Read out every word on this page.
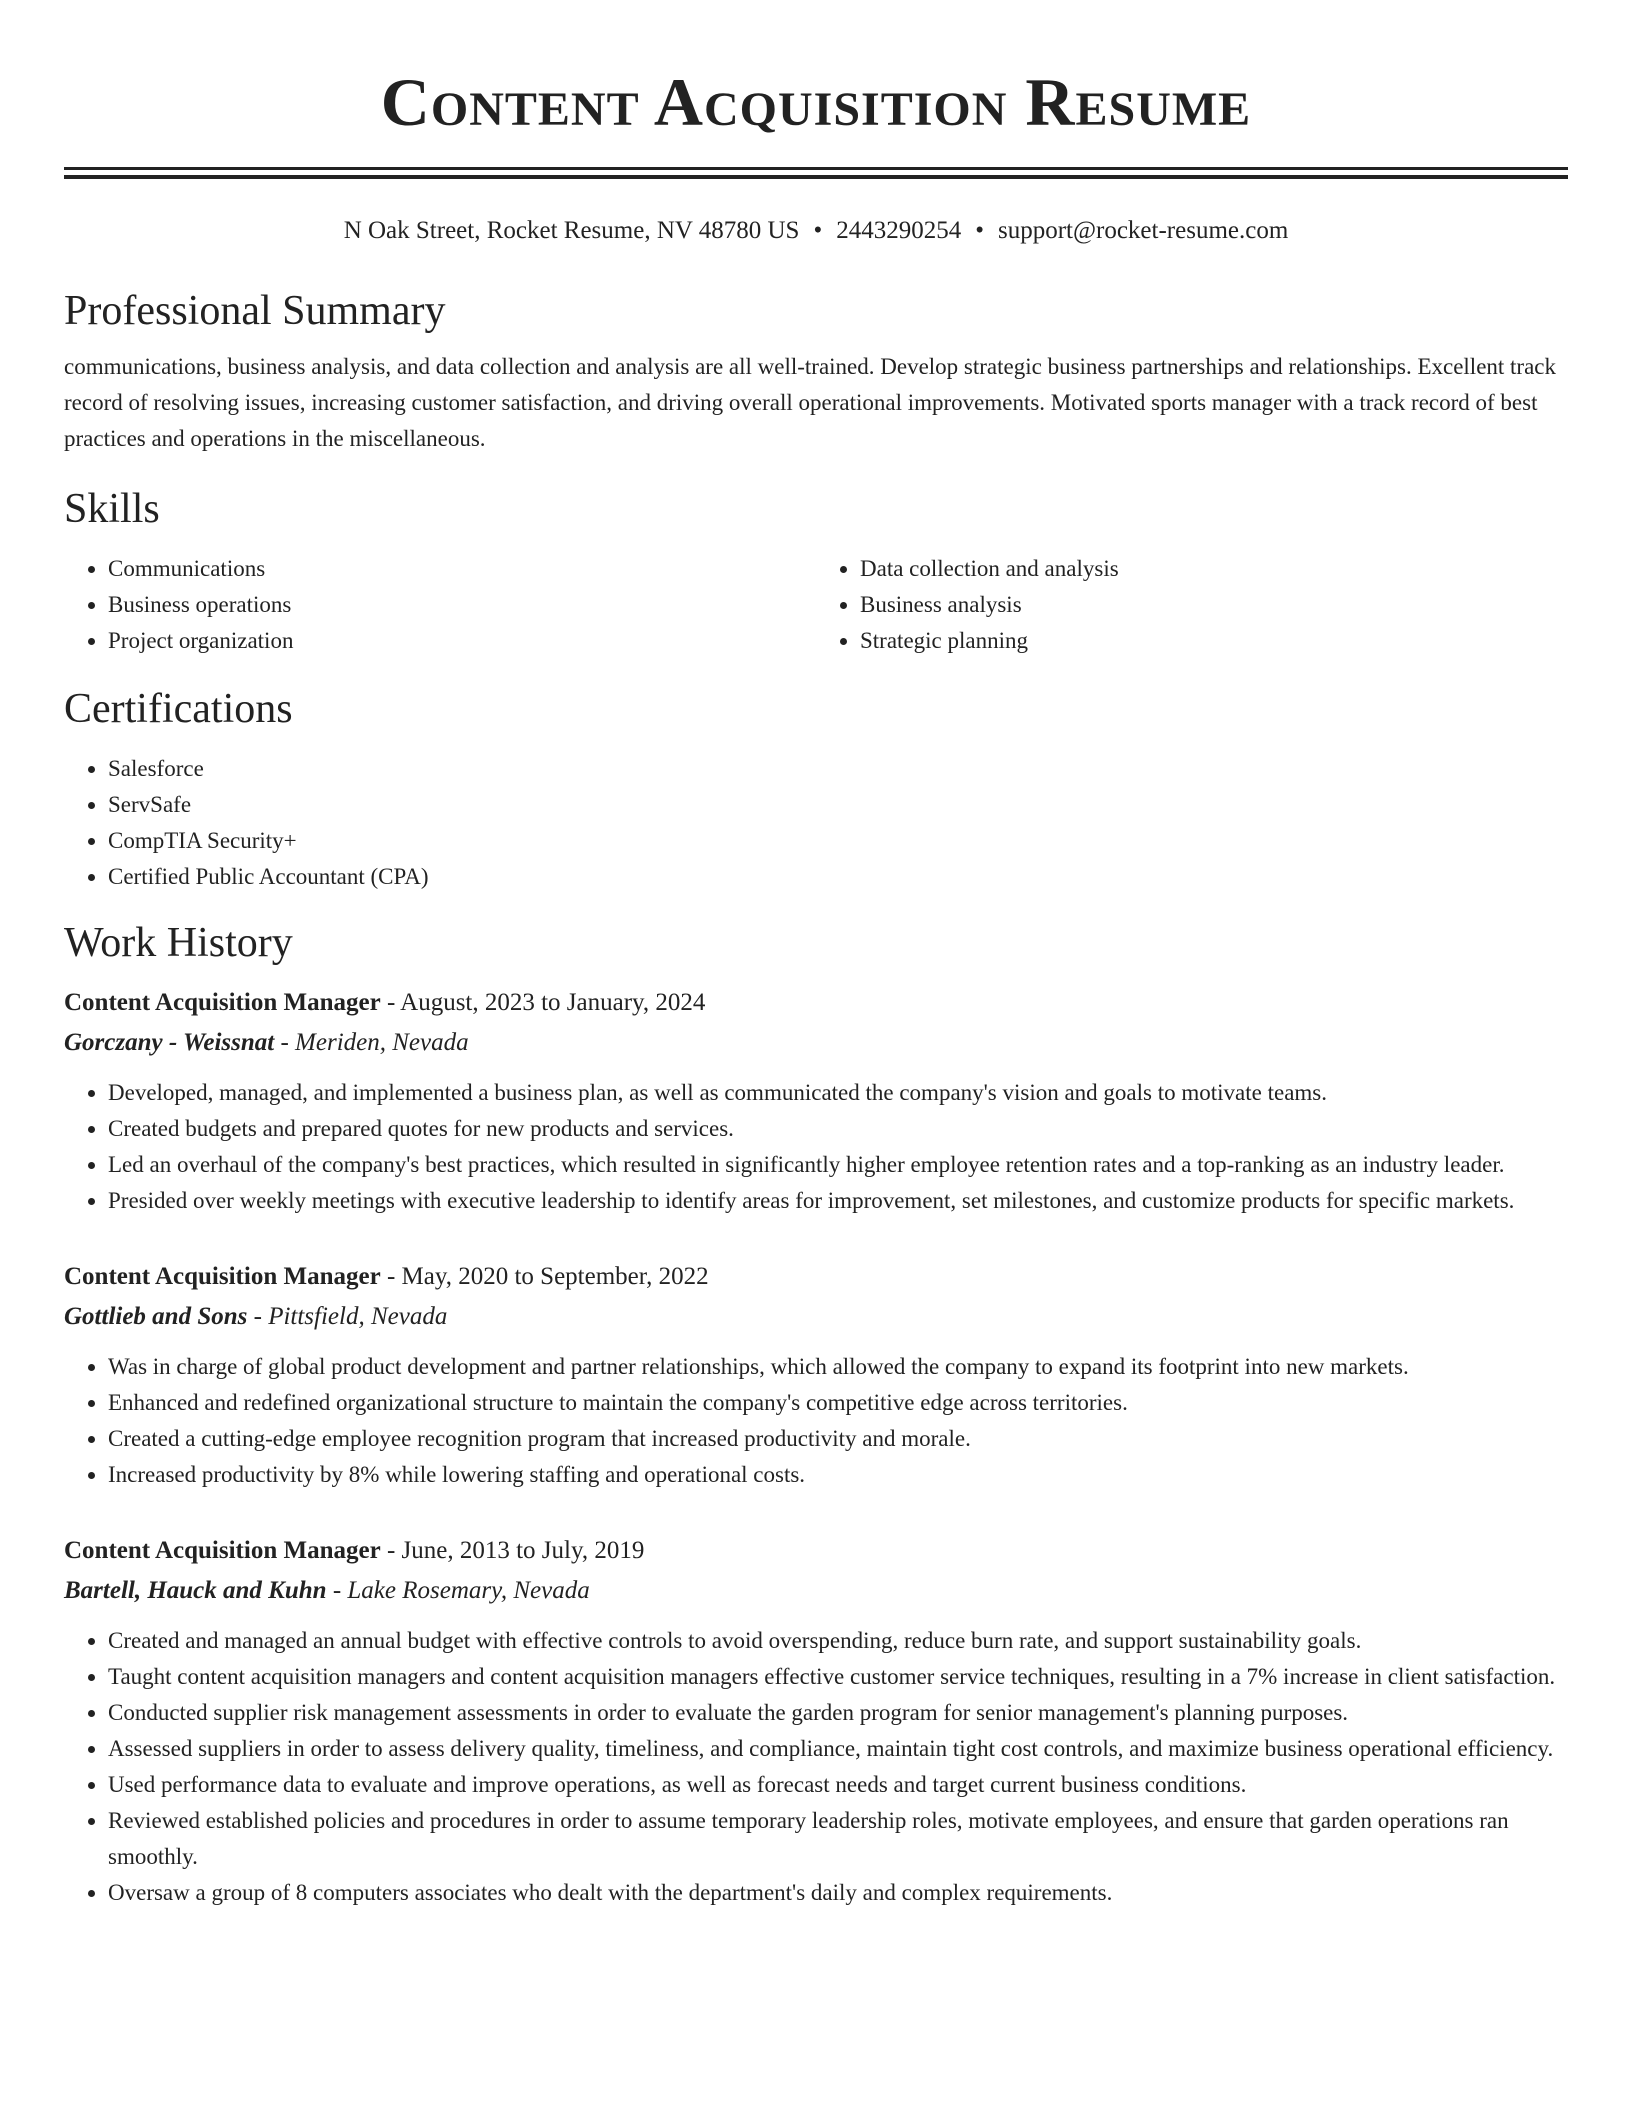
Content Acquisition Resume
N Oak Street, Rocket Resume, NV 48780 US • 2443290254 • support@rocket-resume.com
Professional Summary

communications, business analysis, and data collection and analysis are all well-trained. Develop strategic business partnerships and relationships. Excellent track record of resolving issues, increasing customer satisfaction, and driving overall operational improvements. Motivated sports manager with a track record of best practices and operations in the miscellaneous.

Skills
• Communications
• Business operations
• Project organization
• Data collection and analysis
• Business analysis
• Strategic planning
Certifications
• Salesforce
• ServSafe
• CompTIA Security+
• Certified Public Accountant (CPA)
Work History
Content Acquisition Manager - August, 2023 to January, 2024
Gorczany - Weissnat - Meriden, Nevada
• Developed, managed, and implemented a business plan, as well as communicated the company's vision and goals to motivate teams.
• Created budgets and prepared quotes for new products and services.
• Led an overhaul of the company's best practices, which resulted in significantly higher employee retention rates and a top-ranking as an industry leader.
• Presided over weekly meetings with executive leadership to identify areas for improvement, set milestones, and customize products for specific markets.
Content Acquisition Manager - May, 2020 to September, 2022
Gottlieb and Sons - Pittsfield, Nevada
• Was in charge of global product development and partner relationships, which allowed the company to expand its footprint into new markets.
• Enhanced and redefined organizational structure to maintain the company's competitive edge across territories.
• Created a cutting-edge employee recognition program that increased productivity and morale.
• Increased productivity by 8% while lowering staffing and operational costs.
Content Acquisition Manager - June, 2013 to July, 2019
Bartell, Hauck and Kuhn - Lake Rosemary, Nevada
• Created and managed an annual budget with effective controls to avoid overspending, reduce burn rate, and support sustainability goals.
• Taught content acquisition managers and content acquisition managers effective customer service techniques, resulting in a 7% increase in client satisfaction.
• Conducted supplier risk management assessments in order to evaluate the garden program for senior management's planning purposes.
• Assessed suppliers in order to assess delivery quality, timeliness, and compliance, maintain tight cost controls, and maximize business operational efficiency.
• Used performance data to evaluate and improve operations, as well as forecast needs and target current business conditions.
• Reviewed established policies and procedures in order to assume temporary leadership roles, motivate employees, and ensure that garden operations ran smoothly.
• Oversaw a group of 8 computers associates who dealt with the department's daily and complex requirements.
